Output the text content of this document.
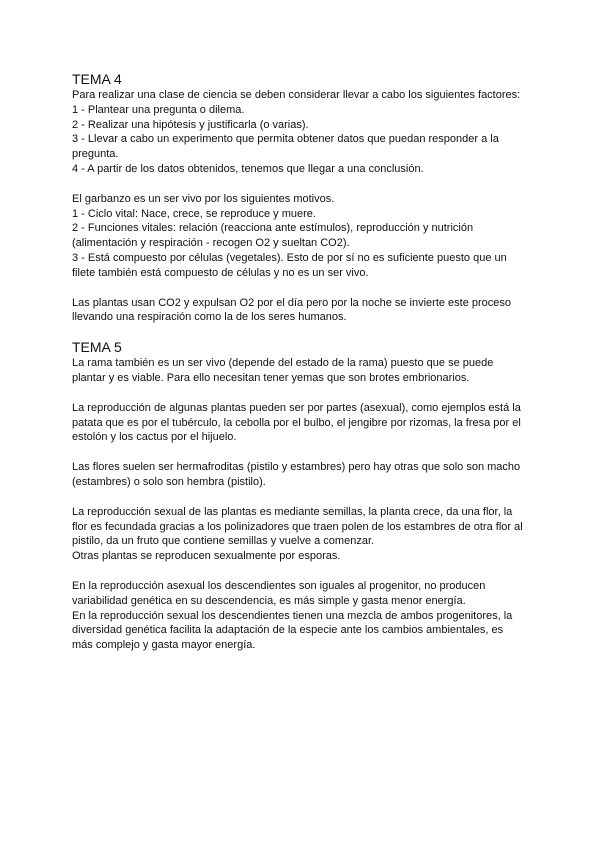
TEMA 4
Para realizar una clase de ciencia se deben considerar llevar a cabo los siguientes factores:
1 - Plantear una pregunta o dilema.
2 - Realizar una hipótesis y justificarla (o varias).
3 - Llevar a cabo un experimento que permita obtener datos que puedan responder a la
pregunta.
4 - A partir de los datos obtenidos, tenemos que llegar a una conclusión.
El garbanzo es un ser vivo por los siguientes motivos.
1 - Ciclo vital: Nace, crece, se reproduce y muere.
2 - Funciones vitales: relación (reacciona ante estímulos), reproducción y nutrición
(alimentación y respiración - recogen O2 y sueltan CO2).
3 - Está compuesto por células (vegetales). Esto de por sí no es suficiente puesto que un
filete también está compuesto de células y no es un ser vivo.
Las plantas usan CO2 y expulsan O2 por el día pero por la noche se invierte este proceso
llevando una respiración como la de los seres humanos.
TEMA 5
La rama también es un ser vivo (depende del estado de la rama) puesto que se puede
plantar y es viable. Para ello necesitan tener yemas que son brotes embrionarios.
La reproducción de algunas plantas pueden ser por partes (asexual), como ejemplos está la
patata que es por el tubérculo, la cebolla por el bulbo, el jengibre por rizomas, la fresa por el
estolón y los cactus por el hijuelo.
Las flores suelen ser hermafroditas (pistilo y estambres) pero hay otras que solo son macho
(estambres) o solo son hembra (pistilo).
La reproducción sexual de las plantas es mediante semillas, la planta crece, da una flor, la
flor es fecundada gracias a los polinizadores que traen polen de los estambres de otra flor al
pistilo, da un fruto que contiene semillas y vuelve a comenzar.
Otras plantas se reproducen sexualmente por esporas.
En la reproducción asexual los descendientes son iguales al progenitor, no producen
variabilidad genética en su descendencia, es más simple y gasta menor energía.
En la reproducción sexual los descendientes tienen una mezcla de ambos progenitores, la
diversidad genética facilita la adaptación de la especie ante los cambios ambientales, es
más complejo y gasta mayor energía.
